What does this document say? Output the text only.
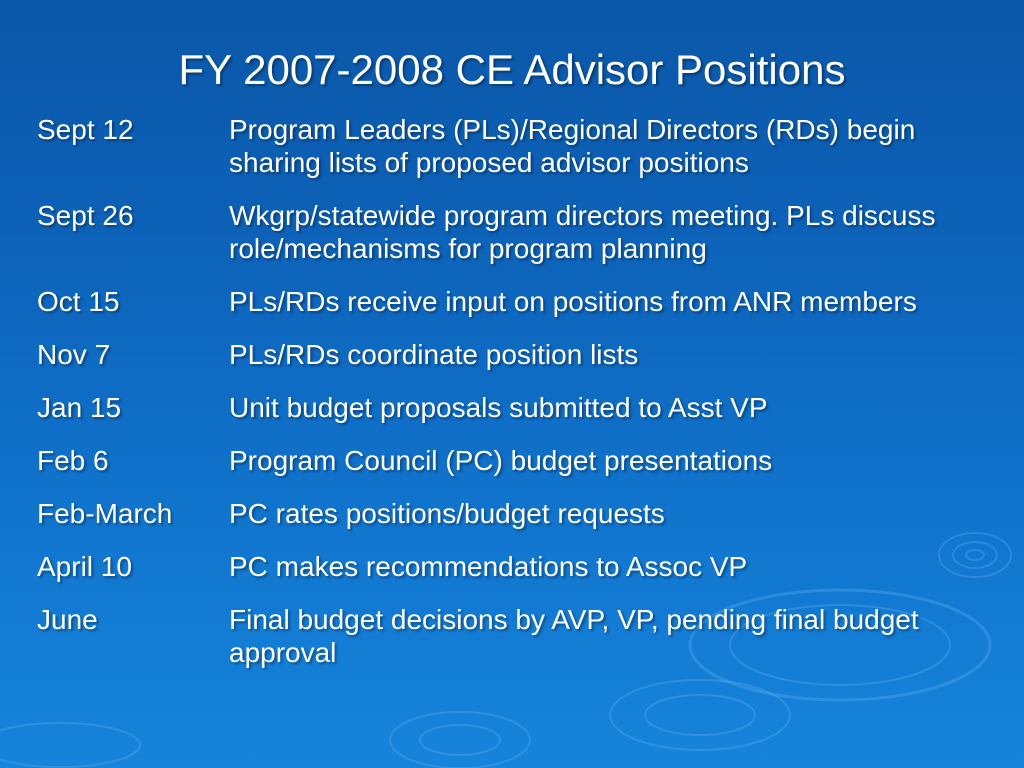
FY 2007-2008 CE Advisor Positions
Sept 12	Program Leaders (PLs)/Regional Directors (RDs) begin sharing lists of proposed advisor positions
Sept 26	Wkgrp/statewide program directors meeting. PLs discuss role/mechanisms for program planning
Oct 15	PLs/RDs receive input on positions from ANR members
Nov 7	PLs/RDs coordinate position lists
Jan 15	Unit budget proposals submitted to Asst VP
Feb 6	Program Council (PC) budget presentations
Feb-March	PC rates positions/budget requests
April 10	PC makes recommendations to Assoc VP
June	Final budget decisions by AVP, VP, pending final budget approval
